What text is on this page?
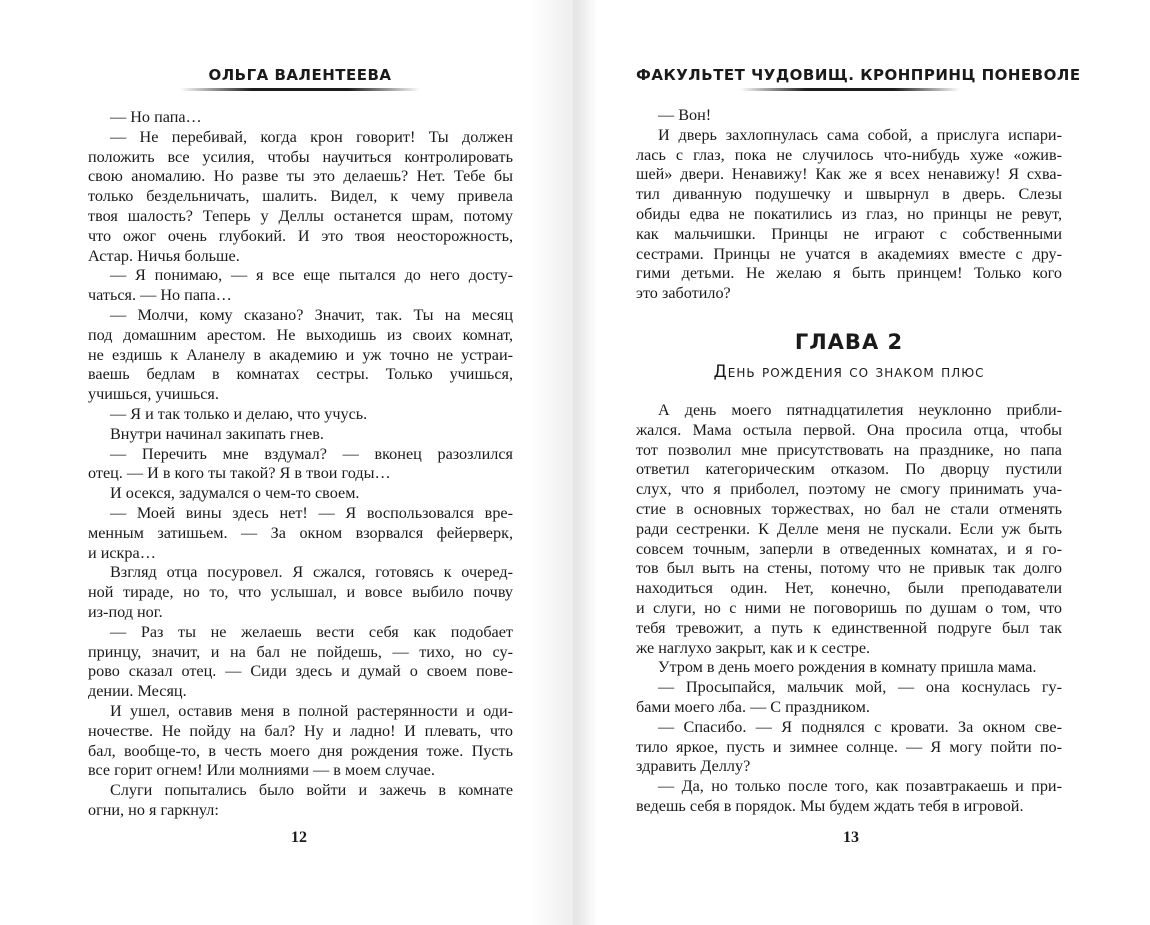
ОЛЬГА ВАЛЕНТЕЕВА	ФАКУЛЬТЕТ ЧУДОВИЩ. КРОНПРИНЦ ПОНЕВОЛЕ
— Но папа…
— Не перебивай, когда крон говорит! Ты должен
положить все усилия, чтобы научиться контролировать
свою аномалию. Но разве ты это делаешь? Нет. Тебе бы
только бездельничать, шалить. Видел, к чему привела
твоя шалость? Теперь у Деллы останется шрам, потому
что ожог очень глубокий. И это твоя неосторожность,
Астар. Ничья больше.
— Я понимаю, — я все еще пытался до него досту-
чаться. — Но папа…
— Молчи, кому сказано? Значит, так. Ты на месяц
под домашним арестом. Не выходишь из своих комнат,
не ездишь к Аланелу в академию и уж точно не устраи-
ваешь бедлам в комнатах сестры. Только учишься,
учишься, учишься.
— Я и так только и делаю, что учусь.
Внутри начинал закипать гнев.
— Перечить мне вздумал? — вконец разозлился
отец. — И в кого ты такой? Я в твои годы…
И осекся, задумался о чем-то своем.
— Моей вины здесь нет! — Я воспользовался вре-
менным затишьем. — За окном взорвался фейерверк,
и искра…
Взгляд отца посуровел. Я сжался, готовясь к очеред-
ной тираде, но то, что услышал, и вовсе выбило почву
из-под ног.
— Раз ты не желаешь вести себя как подобает
принцу, значит, и на бал не пойдешь, — тихо, но су-
рово сказал отец. — Сиди здесь и думай о своем пове-
дении. Месяц.
И ушел, оставив меня в полной растерянности и оди-
ночестве. Не пойду на бал? Ну и ладно! И плевать, что
бал, вообще-то, в честь моего дня рождения тоже. Пусть
все горит огнем! Или молниями — в моем случае.
Слуги попытались было войти и зажечь в комнате
огни, но я гаркнул:
— Вон!
И дверь захлопнулась сама собой, а прислуга испари-
лась с глаз, пока не случилось что-нибудь хуже «ожив-
шей» двери. Ненавижу! Как же я всех ненавижу! Я схва-
тил диванную подушечку и швырнул в дверь. Слезы
обиды едва не покатились из глаз, но принцы не ревут,
как мальчишки. Принцы не играют с собственными
сестрами. Принцы не учатся в академиях вместе с дру-
гими детьми. Не желаю я быть принцем! Только кого
это заботило?
ГЛАВА 2
День рождения со знаком плюс
А день моего пятнадцатилетия неуклонно прибли-
жался. Мама остыла первой. Она просила отца, чтобы
тот позволил мне присутствовать на празднике, но папа
ответил категорическим отказом. По дворцу пустили
слух, что я приболел, поэтому не смогу принимать уча-
стие в основных торжествах, но бал не стали отменять
ради сестренки. К Делле меня не пускали. Если уж быть
совсем точным, заперли в отведенных комнатах, и я го-
тов был выть на стены, потому что не привык так долго
находиться один. Нет, конечно, были преподаватели
и слуги, но с ними не поговоришь по душам о том, что
тебя тревожит, а путь к единственной подруге был так
же наглухо закрыт, как и к сестре.
Утром в день моего рождения в комнату пришла мама.
— Просыпайся, мальчик мой, — она коснулась гу-
бами моего лба. — С праздником.
— Спасибо. — Я поднялся с кровати. За окном све-
тило яркое, пусть и зимнее солнце. — Я могу пойти по-
здравить Деллу?
— Да, но только после того, как позавтракаешь и при-
ведешь себя в порядок. Мы будем ждать тебя в игровой.
12	13
